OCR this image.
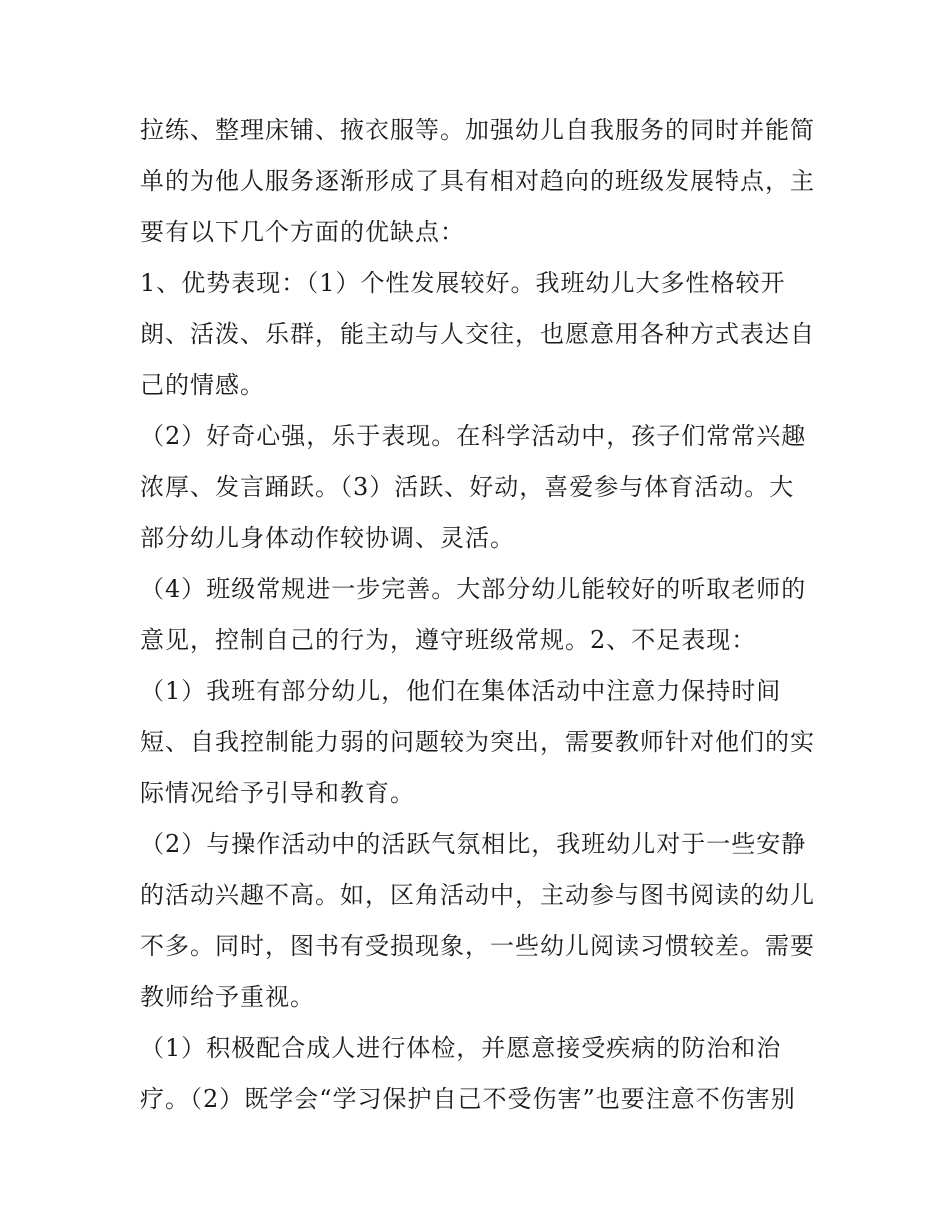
拉练、整理床铺、掖衣服等。加强幼儿自我服务的同时并能简
单的为他人服务逐渐形成了具有相对趋向的班级发展特点，主
要有以下几个方面的优缺点：
1、优势表现：（1）个性发展较好。我班幼儿大多性格较开
朗、活泼、乐群，能主动与人交往，也愿意用各种方式表达自
己的情感。
（2）好奇心强，乐于表现。在科学活动中，孩子们常常兴趣
浓厚、发言踊跃。（3）活跃、好动，喜爱参与体育活动。大
部分幼儿身体动作较协调、灵活。
（4）班级常规进一步完善。大部分幼儿能较好的听取老师的
意见，控制自己的行为，遵守班级常规。2、不足表现：
（1）我班有部分幼儿，他们在集体活动中注意力保持时间
短、自我控制能力弱的问题较为突出，需要教师针对他们的实
际情况给予引导和教育。
（2）与操作活动中的活跃气氛相比，我班幼儿对于一些安静
的活动兴趣不高。如，区角活动中，主动参与图书阅读的幼儿
不多。同时，图书有受损现象，一些幼儿阅读习惯较差。需要
教师给予重视。
（1）积极配合成人进行体检，并愿意接受疾病的防治和治
疗。（2）既学会“学习保护自己不受伤害”也要注意不伤害别
